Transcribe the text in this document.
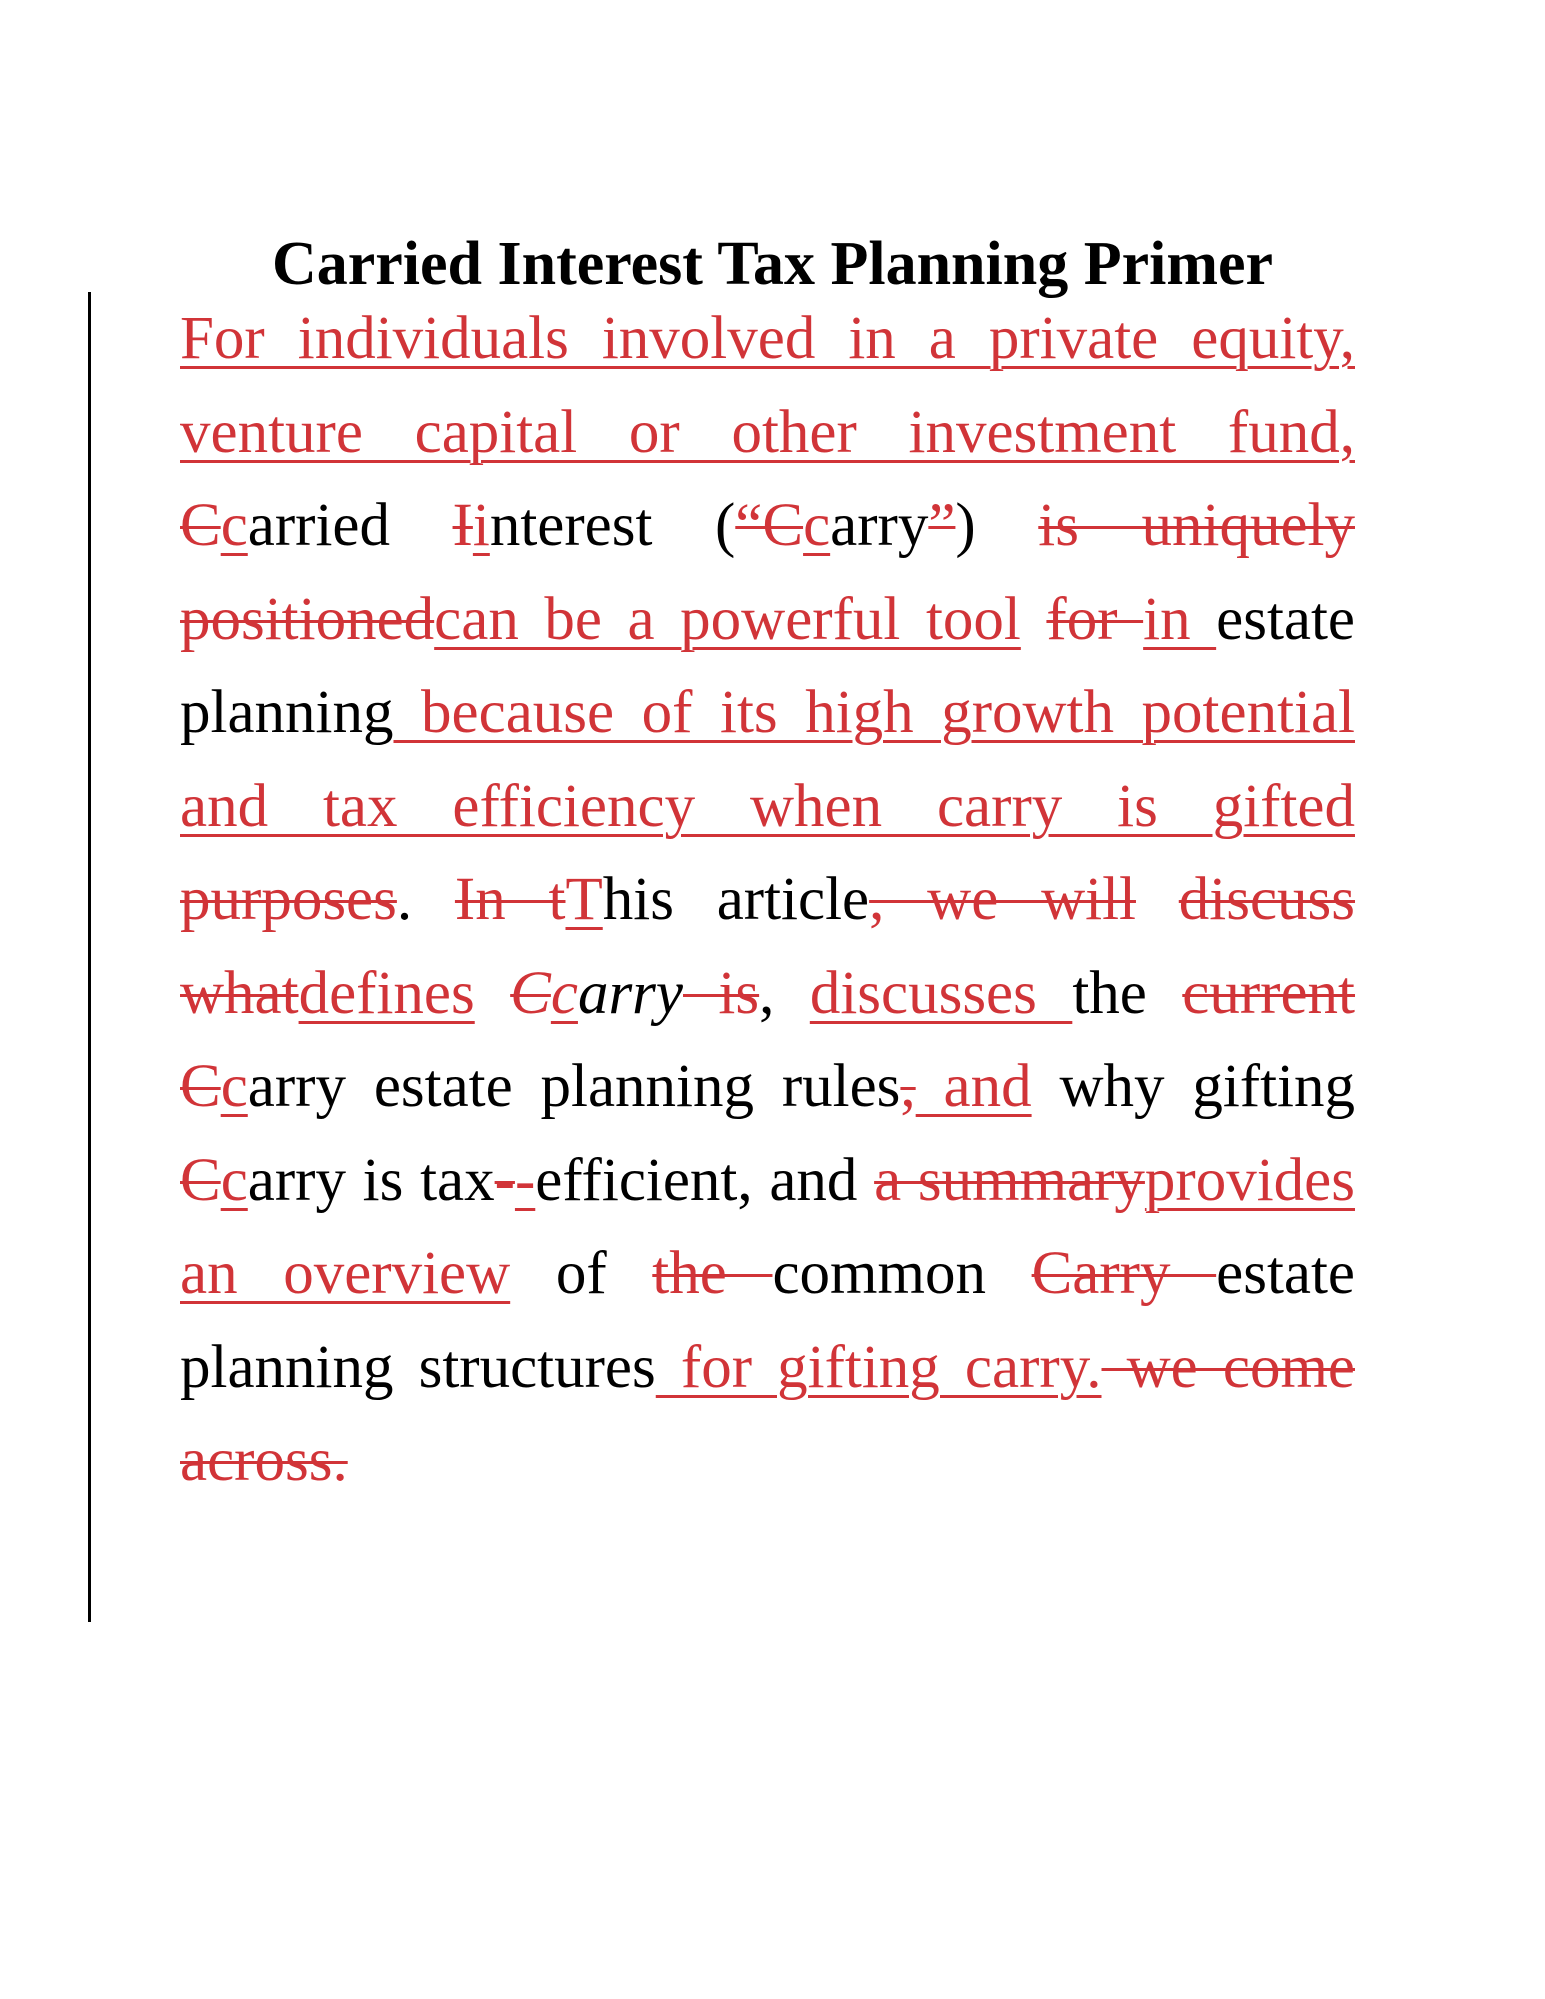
Carried Interest Tax Planning Primer

For individuals involved in a private equity, venture capital or other investment fund, Ccarried Iinterest (“Ccarry”) is uniquely positionedcan be a powerful tool for in estate planning because of its high growth potential and tax efficiency when carry is gifted purposes. In tThis article, we will discuss whatdefines Ccarry is, discusses the current Ccarry estate planning rules, and why gifting Ccarry is tax--efficient, and a summaryprovides an overview of the common Carry estate planning structures for gifting carry. we come across.
